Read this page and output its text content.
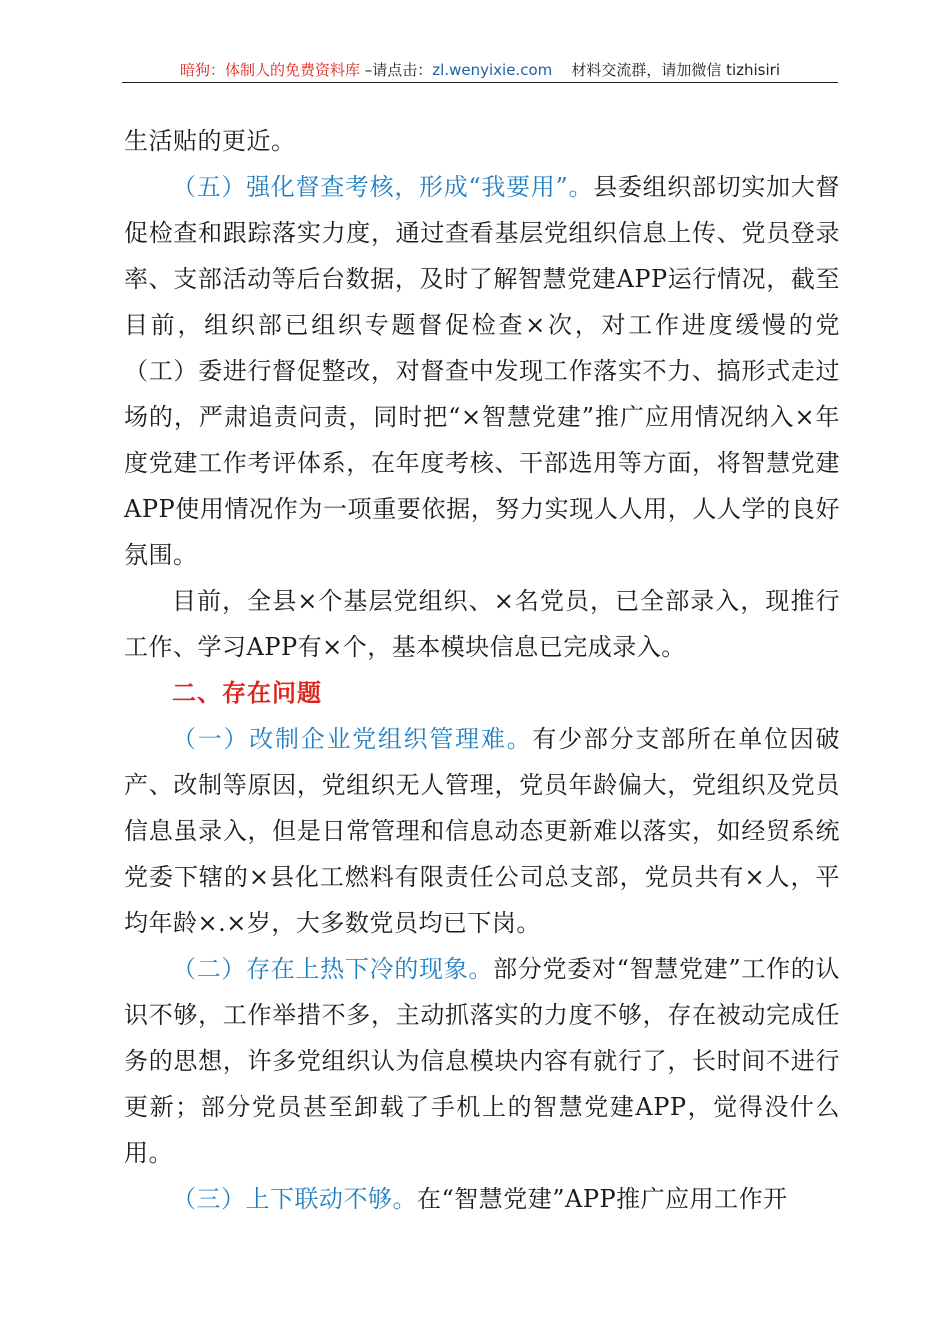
暗狗：体制人的免费资料库 –请点击：zl.wenyixie.com 材料交流群，请加微信 tizhisiri

生活贴的更近。

（五）强化督查考核，形成“我要用”。县委组织部切实加大督促检查和跟踪落实力度，通过查看基层党组织信息上传、党员登录率、支部活动等后台数据，及时了解智慧党建APP运行情况，截至目前，组织部已组织专题督促检查×次，对工作进度缓慢的党（工）委进行督促整改，对督查中发现工作落实不力、搞形式走过场的，严肃追责问责，同时把“×智慧党建”推广应用情况纳入×年度党建工作考评体系，在年度考核、干部选用等方面，将智慧党建APP使用情况作为一项重要依据，努力实现人人用，人人学的良好氛围。

目前，全县×个基层党组织、×名党员，已全部录入，现推行工作、学习APP有×个，基本模块信息已完成录入。

二、存在问题

（一）改制企业党组织管理难。有少部分支部所在单位因破产、改制等原因，党组织无人管理，党员年龄偏大，党组织及党员信息虽录入，但是日常管理和信息动态更新难以落实，如经贸系统党委下辖的×县化工燃料有限责任公司总支部，党员共有×人，平均年龄×.×岁，大多数党员均已下岗。

（二）存在上热下冷的现象。部分党委对“智慧党建”工作的认识不够，工作举措不多，主动抓落实的力度不够，存在被动完成任务的思想，许多党组织认为信息模块内容有就行了，长时间不进行更新；部分党员甚至卸载了手机上的智慧党建APP，觉得没什么用。

（三）上下联动不够。在“智慧党建”APP推广应用工作开
